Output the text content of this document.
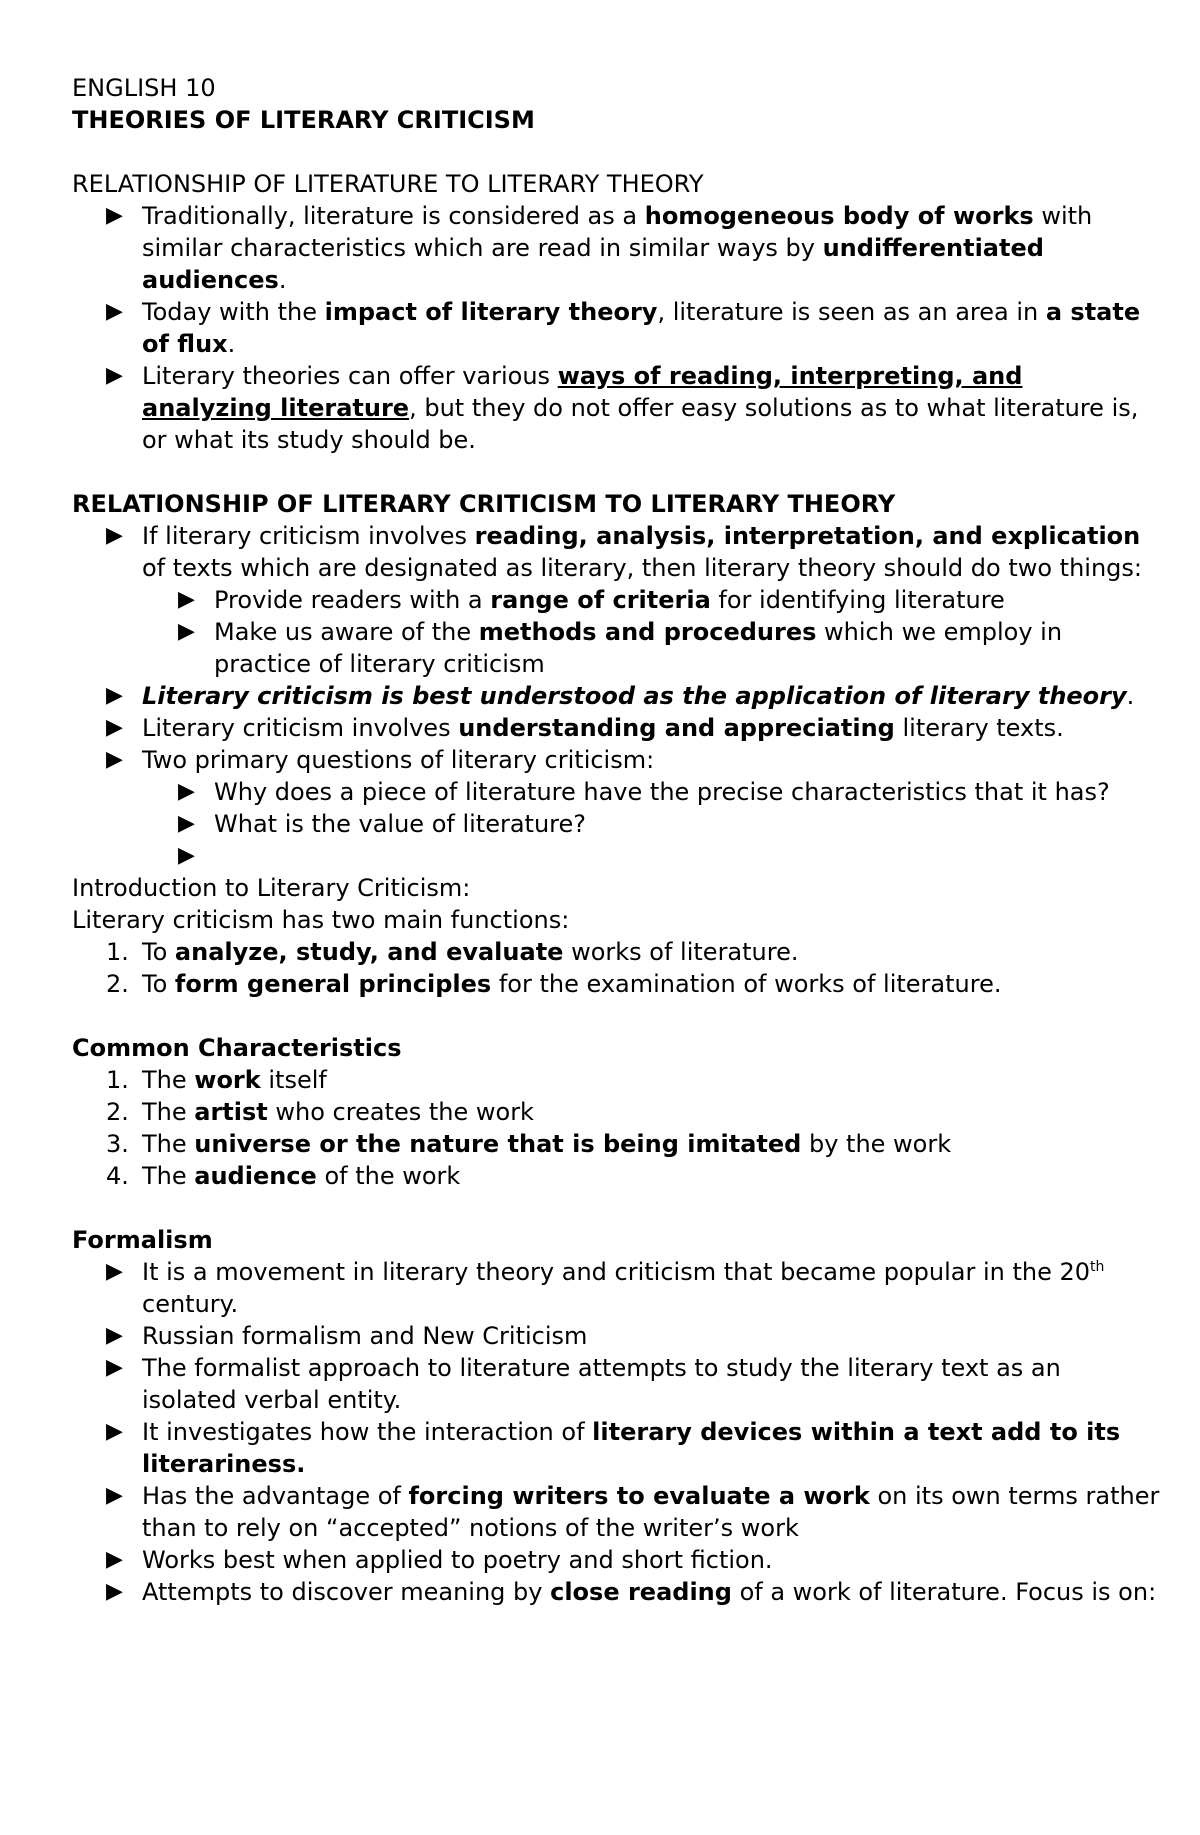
ENGLISH 10

THEORIES OF LITERARY CRITICISM

RELATIONSHIP OF LITERATURE TO LITERARY THEORY

▶ Traditionally, literature is considered as a homogeneous body of works with similar characteristics which are read in similar ways by undifferentiated audiences.
▶ Today with the impact of literary theory, literature is seen as an area in a state of flux.
▶ Literary theories can offer various ways of reading, interpreting, and analyzing literature, but they do not offer easy solutions as to what literature is, or what its study should be.

RELATIONSHIP OF LITERARY CRITICISM TO LITERARY THEORY

▶ If literary criticism involves reading, analysis, interpretation, and explication of texts which are designated as literary, then literary theory should do two things:
▶ Provide readers with a range of criteria for identifying literature
▶ Make us aware of the methods and procedures which we employ in practice of literary criticism
▶ Literary criticism is best understood as the application of literary theory.
▶ Literary criticism involves understanding and appreciating literary texts.
▶ Two primary questions of literary criticism:
▶ Why does a piece of literature have the precise characteristics that it has?
▶ What is the value of literature?
▶

Introduction to Literary Criticism:

Literary criticism has two main functions:

1. To analyze, study, and evaluate works of literature.
2. To form general principles for the examination of works of literature.

Common Characteristics

1. The work itself
2. The artist who creates the work
3. The universe or the nature that is being imitated by the work
4. The audience of the work

Formalism

▶ It is a movement in literary theory and criticism that became popular in the 20th century.
▶ Russian formalism and New Criticism
▶ The formalist approach to literature attempts to study the literary text as an isolated verbal entity.
▶ It investigates how the interaction of literary devices within a text add to its literariness.
▶ Has the advantage of forcing writers to evaluate a work on its own terms rather than to rely on “accepted” notions of the writer’s work
▶ Works best when applied to poetry and short fiction.
▶ Attempts to discover meaning by close reading of a work of literature. Focus is on:
